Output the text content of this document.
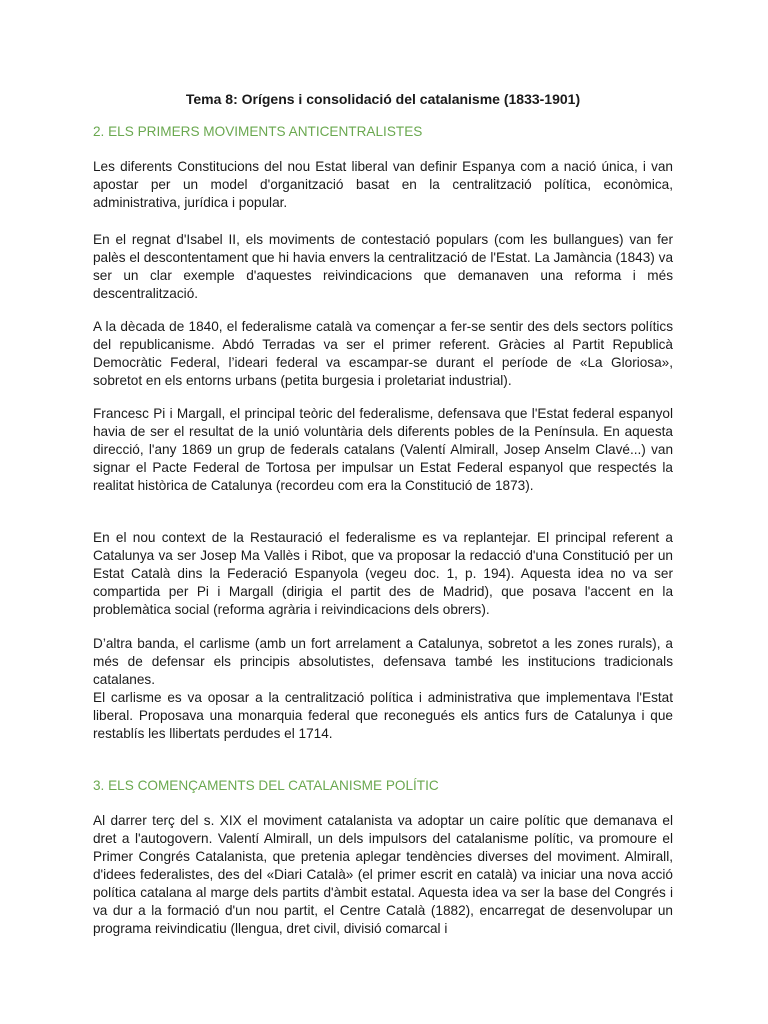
Tema 8: Orígens i consolidació del catalanisme (1833-1901)
2. ELS PRIMERS MOVIMENTS ANTICENTRALISTES

Les diferents Constitucions del nou Estat liberal van definir Espanya com a nació única, i van apostar per un model d'organització basat en la centralització política, econòmica, administrativa, jurídica i popular.

En el regnat d'Isabel II, els moviments de contestació populars (com les bullangues) van fer palès el descontentament que hi havia envers la centralització de l'Estat. La Jamància (1843) va ser un clar exemple d'aquestes reivindicacions que demanaven una reforma i més descentralització.

A la dècada de 1840, el federalisme català va començar a fer-se sentir des dels sectors polítics del republicanisme. Abdó Terradas va ser el primer referent. Gràcies al Partit Republicà Democràtic Federal, l’ideari federal va escampar-se durant el període de «La Gloriosa», sobretot en els entorns urbans (petita burgesia i proletariat industrial).

Francesc Pi i Margall, el principal teòric del federalisme, defensava que l'Estat federal espanyol havia de ser el resultat de la unió voluntària dels diferents pobles de la Península. En aquesta direcció, l'any 1869 un grup de federals catalans (Valentí Almirall, Josep Anselm Clavé...) van signar el Pacte Federal de Tortosa per impulsar un Estat Federal espanyol que respectés la realitat històrica de Catalunya (recordeu com era la Constitució de 1873).

En el nou context de la Restauració el federalisme es va replantejar. El principal referent a Catalunya va ser Josep Ma Vallès i Ribot, que va proposar la redacció d'una Constitució per un Estat Català dins la Federació Espanyola (vegeu doc. 1, p. 194). Aquesta idea no va ser compartida per Pi i Margall (dirigia el partit des de Madrid), que posava l'accent en la problemàtica social (reforma agrària i reivindicacions dels obrers).

D’altra banda, el carlisme (amb un fort arrelament a Catalunya, sobretot a les zones rurals), a més de defensar els principis absolutistes, defensava també les institucions tradicionals catalanes.

El carlisme es va oposar a la centralització política i administrativa que implementava l'Estat liberal. Proposava una monarquia federal que reconegués els antics furs de Catalunya i que restablís les llibertats perdudes el 1714.

3. ELS COMENÇAMENTS DEL CATALANISME POLÍTIC

Al darrer terç del s. XIX el moviment catalanista va adoptar un caire polític que demanava el dret a l'autogovern. Valentí Almirall, un dels impulsors del catalanisme polític, va promoure el Primer Congrés Catalanista, que pretenia aplegar tendències diverses del moviment. Almirall, d'idees federalistes, des del «Diari Català» (el primer escrit en català) va iniciar una nova acció política catalana al marge dels partits d'àmbit estatal. Aquesta idea va ser la base del Congrés i va dur a la formació d'un nou partit, el Centre Català (1882), encarregat de desenvolupar un programa reivindicatiu (llengua, dret civil, divisió comarcal i
